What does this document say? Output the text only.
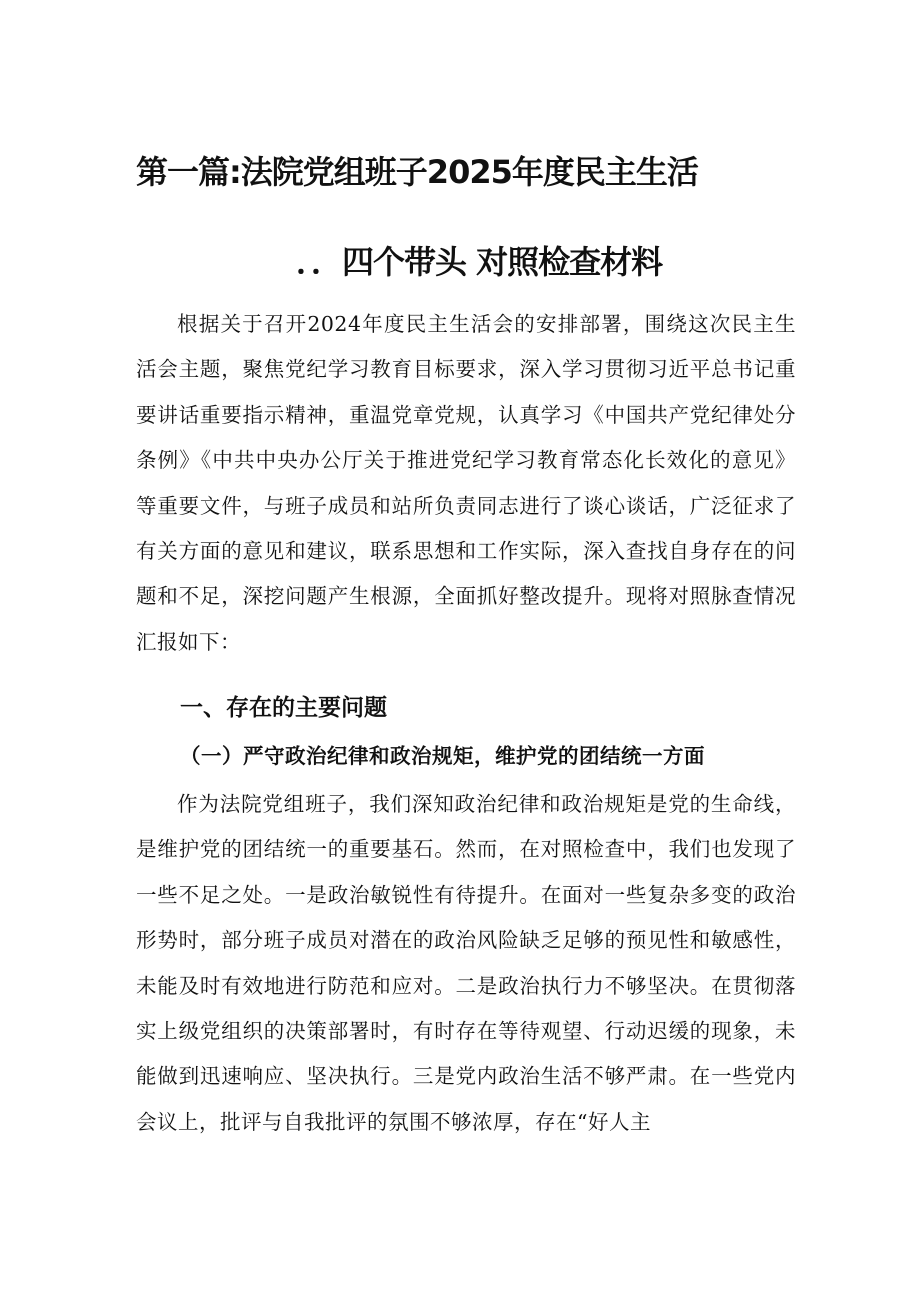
第一篇:法院党组班子2025年度民主生活
．．四个带头 对照检查材料

根据关于召开2024年度民主生活会的安排部署，围绕这次民主生活会主题，聚焦党纪学习教育目标要求，深入学习贯彻习近平总书记重要讲话重要指示精神，重温党章党规，认真学习《中国共产党纪律处分条例》《中共中央办公厅关于推进党纪学习教育常态化长效化的意见》等重要文件，与班子成员和站所负责同志进行了谈心谈话，广泛征求了有关方面的意见和建议，联系思想和工作实际，深入查找自身存在的问题和不足，深挖问题产生根源，全面抓好整改提升。现将对照脉查情况汇报如下：

一、存在的主要问题
（一）严守政治纪律和政治规矩，维护党的团结统一方面

作为法院党组班子，我们深知政治纪律和政治规矩是党的生命线，是维护党的团结统一的重要基石。然而，在对照检查中，我们也发现了一些不足之处。一是政治敏锐性有待提升。在面对一些复杂多变的政治形势时，部分班子成员对潜在的政治风险缺乏足够的预见性和敏感性，未能及时有效地进行防范和应对。二是政治执行力不够坚决。在贯彻落实上级党组织的决策部署时，有时存在等待观望、行动迟缓的现象，未能做到迅速响应、坚决执行。三是党内政治生活不够严肃。在一些党内会议上，批评与自我批评的氛围不够浓厚，存在“好人主
